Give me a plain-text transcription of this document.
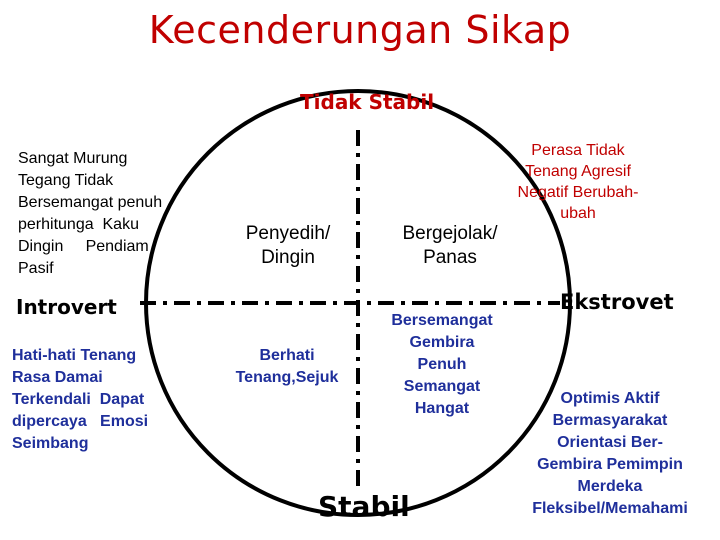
Kecenderungan Sikap
Tidak Stabil
Introvert	Ekstrovet
Stabil
Penyedih/
Dingin
Bergejolak/
Panas
Berhati
Tenang,Sejuk
Bersemangat
Gembira
Penuh
Semangat
Hangat
Sangat Murung
Tegang Tidak
Bersemangat penuh
perhitunga  Kaku
Dingin     Pendiam
Pasif
Perasa Tidak
Tenang Agresif
Negatif Berubah-
ubah
Hati-hati Tenang
Rasa Damai
Terkendali  Dapat
dipercaya   Emosi
Seimbang
Optimis Aktif
Bermasyarakat
Orientasi Ber-
Gembira Pemimpin
Merdeka
Fleksibel/Memahami
